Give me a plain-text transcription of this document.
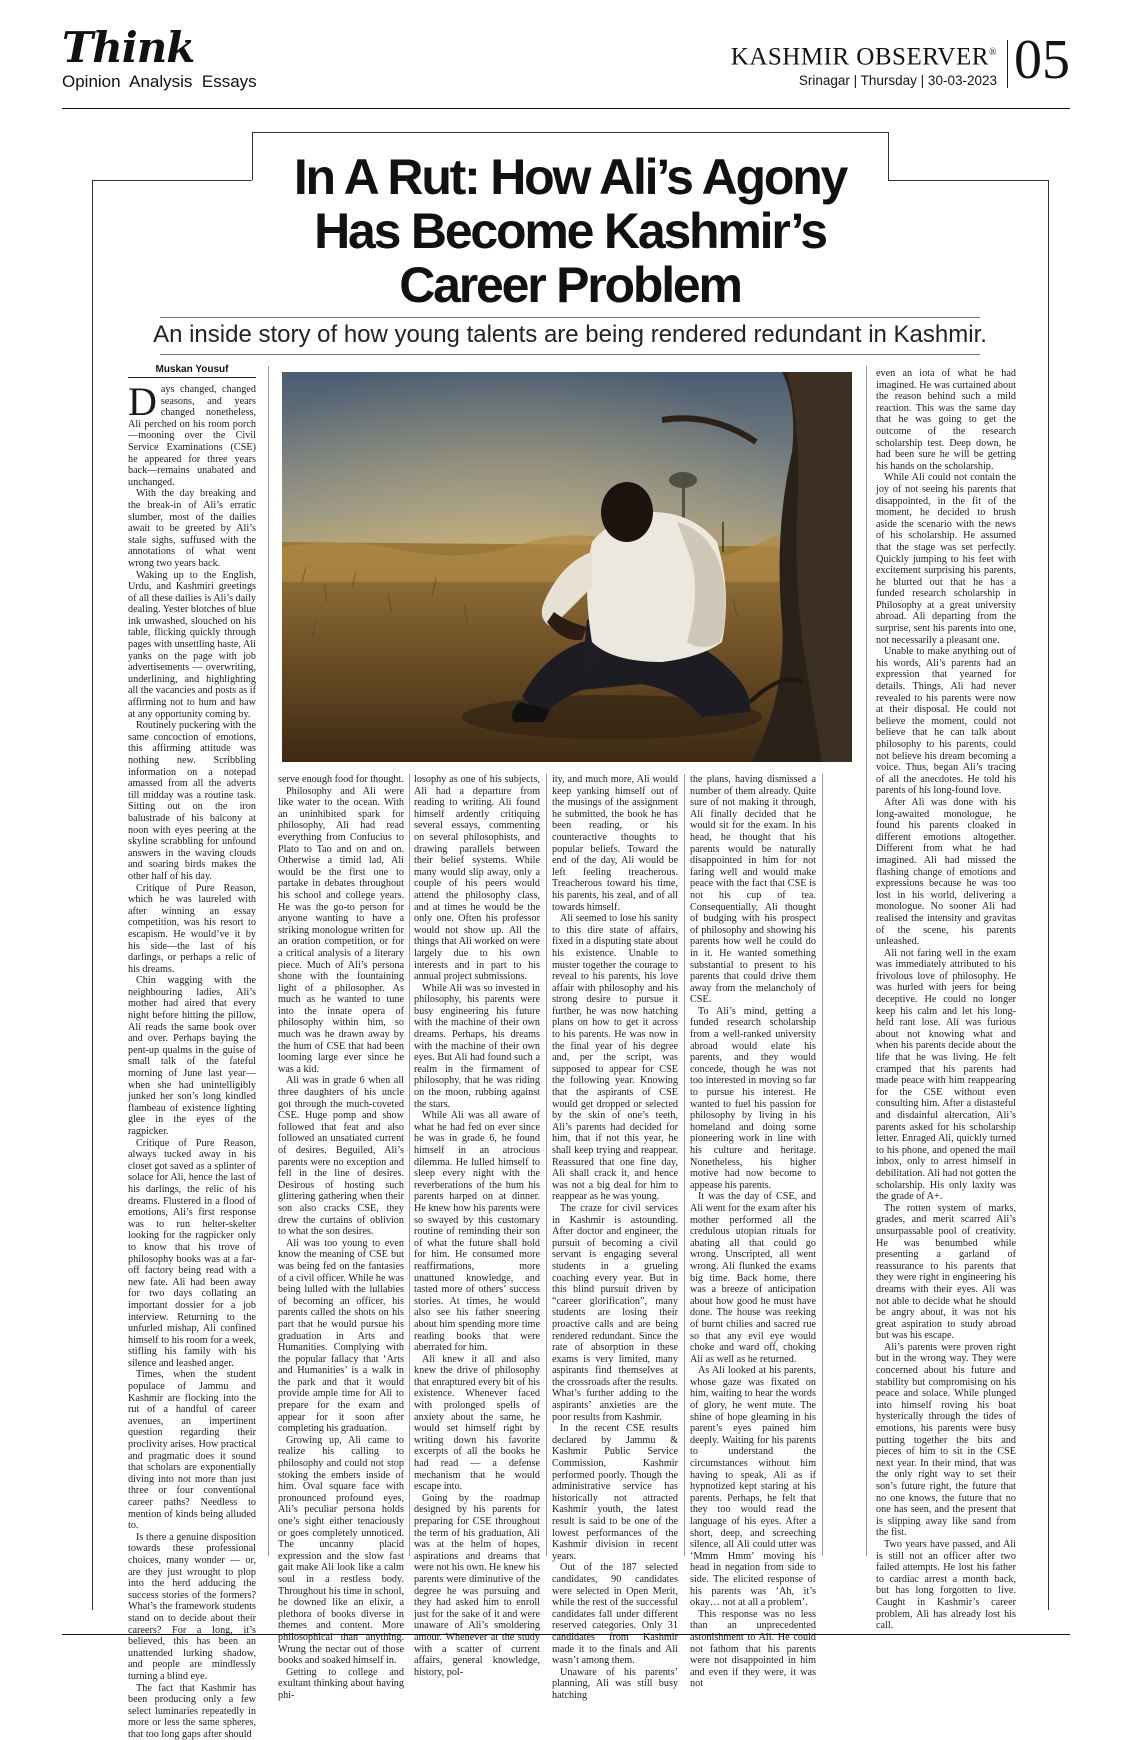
Think
Opinion  Analysis  Essays
KASHMIR OBSERVER®
Srinagar | Thursday | 30-03-2023 05
In A Rut: How Ali’s Agony
Has Become Kashmir’s
Career Problem
An inside story of how young talents are being rendered redundant in Kashmir.
Muskan Yousuf

Days changed, changed seasons, and years changed nonetheless, Ali perched on his room porch—mooning over the Civil Service Examinations (CSE) he appeared for three years back—remains unabated and unchanged.

With the day breaking and the break-in of Ali’s erratic slumber, most of the dailies await to be greeted by Ali’s stale sighs, suffused with the annotations of what went wrong two years back.

Waking up to the English, Urdu, and Kashmiri greetings of all these dailies is Ali’s daily dealing. Yester blotches of blue ink unwashed, slouched on his table, flicking quickly through pages with unsettling haste, Ali yanks on the page with job advertisements — overwriting, underlining, and highlighting all the vacancies and posts as if affirming not to hum and haw at any opportunity coming by.

Routinely puckering with the same concoction of emotions, this affirming attitude was nothing new. Scribbling information on a notepad amassed from all the adverts till midday was a routine task. Sitting out on the iron balustrade of his balcony at noon with eyes peering at the skyline scrabbling for unfound answers in the waving clouds and soaring birds makes the other half of his day.

Critique of Pure Reason, which he was laureled with after winning an essay competition, was his resort to escapism. He would’ve it by his side—the last of his darlings, or perhaps a relic of his dreams.

Chin wagging with the neighbouring ladies, Ali’s mother had aired that every night before hitting the pillow, Ali reads the same book over and over. Perhaps baying the pent-up qualms in the guise of small talk of the fateful morning of June last year—when she had unintelligibly junked her son’s long kindled flambeau of existence lighting glee in the eyes of the ragpicker.

Critique of Pure Reason, always tucked away in his closet got saved as a splinter of solace for Ali, hence the last of his darlings, the relic of his dreams. Flustered in a flood of emotions, Ali’s first response was to run helter-skelter looking for the ragpicker only to know that his trove of philosophy books was at a far-off factory being read with a new fate. Ali had been away for two days collating an important dossier for a job interview. Returning to the unfurled mishap, Ali confined himself to his room for a week, stifling his family with his silence and leashed anger.

Times, when the student populace of Jammu and Kashmir are flocking into the rut of a handful of career avenues, an impertinent question regarding their proclivity arises. How practical and pragmatic does it sound that scholars are exponentially diving into not more than just three or four conventional career paths? Needless to mention of kinds being alluded to.

Is there a genuine disposition towards these professional choices, many wonder — or, are they just wrought to plop into the herd adducing the success stories of the formers? What’s the framework students stand on to decide about their careers? For a long, it’s believed, this has been an unattended lurking shadow, and people are mindlessly turning a blind eye.

The fact that Kashmir has been producing only a few select luminaries repeatedly in more or less the same spheres, that too long gaps after should

serve enough food for thought.

Philosophy and Ali were like water to the ocean. With an uninhibited spark for philosophy, Ali had read everything from Confucius to Plato to Tao and on and on. Otherwise a timid lad, Ali would be the first one to partake in debates throughout his school and college years. He was the go-to person for anyone wanting to have a striking monologue written for an oration competition, or for a critical analysis of a literary piece. Much of Ali’s persona shone with the fountaining light of a philosopher. As much as he wanted to tune into the innate opera of philosophy within him, so much was he drawn away by the hum of CSE that had been looming large ever since he was a kid.

Ali was in grade 6 when all three daughters of his uncle got through the much-coveted CSE. Huge pomp and show followed that feat and also followed an unsatiated current of desires. Beguiled, Ali’s parents were no exception and fell in the line of desires. Desirous of hosting such glittering gathering when their son also cracks CSE, they drew the curtains of oblivion to what the son desires.

Ali was too young to even know the meaning of CSE but was being fed on the fantasies of a civil officer. While he was being lulled with the lullabies of becoming an officer, his parents called the shots on his part that he would pursue his graduation in Arts and Humanities. Complying with the popular fallacy that ‘Arts and Humanities’ is a walk in the park and that it would provide ample time for Ali to prepare for the exam and appear for it soon after completing his graduation.

Growing up, Ali came to realize his calling to philosophy and could not stop stoking the embers inside of him. Oval square face with pronounced profound eyes, Ali’s peculiar persona holds one’s sight either tenaciously or goes completely unnoticed. The uncanny placid expression and the slow fast gait make Ali look like a calm soul in a restless body. Throughout his time in school, he downed like an elixir, a plethora of books diverse in themes and content. More philosophical than anything. Wrung the nectar out of those books and soaked himself in.

Getting to college and exultant thinking about having phi-

losophy as one of his subjects, Ali had a departure from reading to writing. Ali found himself ardently critiquing several essays, commenting on several philosophists, and drawing parallels between their belief systems. While many would slip away, only a couple of his peers would attend the philosophy class, and at times he would be the only one. Often his professor would not show up. All the things that Ali worked on were largely due to his own interests and in part to his annual project submissions.

While Ali was so invested in philosophy, his parents were busy engineering his future with the machine of their own dreams. Perhaps, his dreams with the machine of their own eyes. But Ali had found such a realm in the firmament of philosophy, that he was riding on the moon, rubbing against the stars.

While Ali was all aware of what he had fed on ever since he was in grade 6, he found himself in an atrocious dilemma. He lulled himself to sleep every night with the reverberations of the hum his parents harped on at dinner. He knew how his parents were so swayed by this customary routine of reminding their son of what the future shall hold for him. He consumed more reaffirmations, more unattuned knowledge, and tasted more of others’ success stories. At times, he would also see his father sneering about him spending more time reading books that were aberrated for him.

Ali knew it all and also knew the drive of philosophy that enraptured every bit of his existence. Whenever faced with prolonged spells of anxiety about the same, he would set himself right by writing down his favorite excerpts of all the books he had read — a defense mechanism that he would escape into.

Going by the roadmap designed by his parents for preparing for CSE throughout the term of his graduation, Ali was at the helm of hopes, aspirations and dreams that were not his own. He knew his parents were diminutive of the degree he was pursuing and they had asked him to enroll just for the sake of it and were unaware of Ali’s smoldering amour. Whenever at the study with a scatter of current affairs, general knowledge, history, pol-

ity, and much more, Ali would keep yanking himself out of the musings of the assignment he submitted, the book he has been reading, or his counteractive thoughts to popular beliefs. Toward the end of the day, Ali would be left feeling treacherous. Treacherous toward his time, his parents, his zeal, and of all towards himself.

Ali seemed to lose his sanity to this dire state of affairs, fixed in a disputing state about his existence. Unable to muster together the courage to reveal to his parents, his love affair with philosophy and his strong desire to pursue it further, he was now hatching plans on how to get it across to his parents. He was now in the final year of his degree and, per the script, was supposed to appear for CSE the following year. Knowing that the aspirants of CSE would get dropped or selected by the skin of one’s teeth, Ali’s parents had decided for him, that if not this year, he shall keep trying and reappear. Reassured that one fine day, Ali shall crack it, and hence was not a big deal for him to reappear as he was young.

The craze for civil services in Kashmir is astounding. After doctor and engineer, the pursuit of becoming a civil servant is engaging several students in a grueling coaching every year. But in this blind pursuit driven by “career glorification”, many students are losing their proactive calls and are being rendered redundant. Since the rate of absorption in these exams is very limited, many aspirants find themselves at the crossroads after the results. What’s further adding to the aspirants’ anxieties are the poor results from Kashmir.

In the recent CSE results declared by Jammu & Kashmir Public Service Commission, Kashmir performed poorly. Though the administrative service has historically not attracted Kashmir youth, the latest result is said to be one of the lowest performances of the Kashmir division in recent years.

Out of the 187 selected candidates, 90 candidates were selected in Open Merit, while the rest of the successful candidates fall under different reserved categories. Only 31 candidates from Kashmir made it to the finals and Ali wasn’t among them.

Unaware of his parents’ planning, Ali was still busy hatching

the plans, having dismissed a number of them already. Quite sure of not making it through, Ali finally decided that he would sit for the exam. In his head, he thought that his parents would be naturally disappointed in him for not faring well and would make peace with the fact that CSE is not his cup of tea. Consequentially, Ali thought of budging with his prospect of philosophy and showing his parents how well he could do in it. He wanted something substantial to present to his parents that could drive them away from the melancholy of CSE.

To Ali’s mind, getting a funded research scholarship from a well-ranked university abroad would elate his parents, and they would concede, though he was not too interested in moving so far to pursue his interest. He wanted to fuel his passion for philosophy by living in his homeland and doing some pioneering work in line with his culture and heritage. Nonetheless, his higher motive had now become to appease his parents.

It was the day of CSE, and Ali went for the exam after his mother performed all the credulous utopian rituals for abating all that could go wrong. Unscripted, all went wrong. Ali flunked the exams big time. Back home, there was a breeze of anticipation about how good he must have done. The house was reeking of burnt chilies and sacred rue so that any evil eye would choke and ward off, choking Ali as well as he returned.

As Ali looked at his parents, whose gaze was fixated on him, waiting to hear the words of glory, he went mute. The shine of hope gleaming in his parent’s eyes pained him deeply. Waiting for his parents to understand the circumstances without him having to speak, Ali as if hypnotized kept staring at his parents. Perhaps, he felt that they too would read the language of his eyes. After a short, deep, and screeching silence, all Ali could utter was ‘Mmm Hmm’ moving his head in negation from side to side. The elicited response of his parents was ‘Ah, it’s okay… not at all a problem’.

This response was no less than an unprecedented astonishment to Ali. He could not fathom that his parents were not disappointed in him and even if they were, it was not

even an iota of what he had imagined. He was curtained about the reason behind such a mild reaction. This was the same day that he was going to get the outcome of the research scholarship test. Deep down, he had been sure he will be getting his hands on the scholarship.

While Ali could not contain the joy of not seeing his parents that disappointed, in the fit of the moment, he decided to brush aside the scenario with the news of his scholarship. He assumed that the stage was set perfectly. Quickly jumping to his feet with excitement surprising his parents, he blurted out that he has a funded research scholarship in Philosophy at a great university abroad. Ali departing from the surprise, sent his parents into one, not necessarily a pleasant one.

Unable to make anything out of his words, Ali’s parents had an expression that yearned for details. Things, Ali had never revealed to his parents were now at their disposal. He could not believe the moment, could not believe that he can talk about philosophy to his parents, could not believe his dream becoming a voice. Thus, began Ali’s tracing of all the anecdotes. He told his parents of his long-found love.

After Ali was done with his long-awaited monologue, he found his parents cloaked in different emotions altogether. Different from what he had imagined. Ali had missed the flashing change of emotions and expressions because he was too lost in his world, delivering a monologue. No sooner Ali had realised the intensity and gravitas of the scene, his parents unleashed.

Ali not faring well in the exam was immediately attributed to his frivolous love of philosophy. He was hurled with jeers for being deceptive. He could no longer keep his calm and let his long-held rant lose. Ali was furious about not knowing what and when his parents decide about the life that he was living. He felt cramped that his parents had made peace with him reappearing for the CSE without even consulting him. After a distasteful and disdainful altercation, Ali’s parents asked for his scholarship letter. Enraged Ali, quickly turned to his phone, and opened the mail inbox, only to arrest himself in debilitation. Ali had not gotten the scholarship. His only laxity was the grade of A+.

The rotten system of marks, grades, and merit scarred Ali’s unsurpassable pool of creativity. He was benumbed while presenting a garland of reassurance to his parents that they were right in engineering his dreams with their eyes. Ali was not able to decide what he should be angry about, it was not his great aspiration to study abroad but was his escape.

Ali’s parents were proven right but in the wrong way. They were concerned about his future and stability but compromising on his peace and solace. While plunged into himself roving his boat hysterically through the tides of emotions, his parents were busy putting together the bits and pieces of him to sit in the CSE next year. In their mind, that was the only right way to set their son’s future right, the future that no one knows, the future that no one has seen, and the present that is slipping away like sand from the fist.

Two years have passed, and Ali is still not an officer after two failed attempts. He lost his father to cardiac arrest a month back, but has long forgotten to live. Caught in Kashmir’s career problem, Ali has already lost his call.
